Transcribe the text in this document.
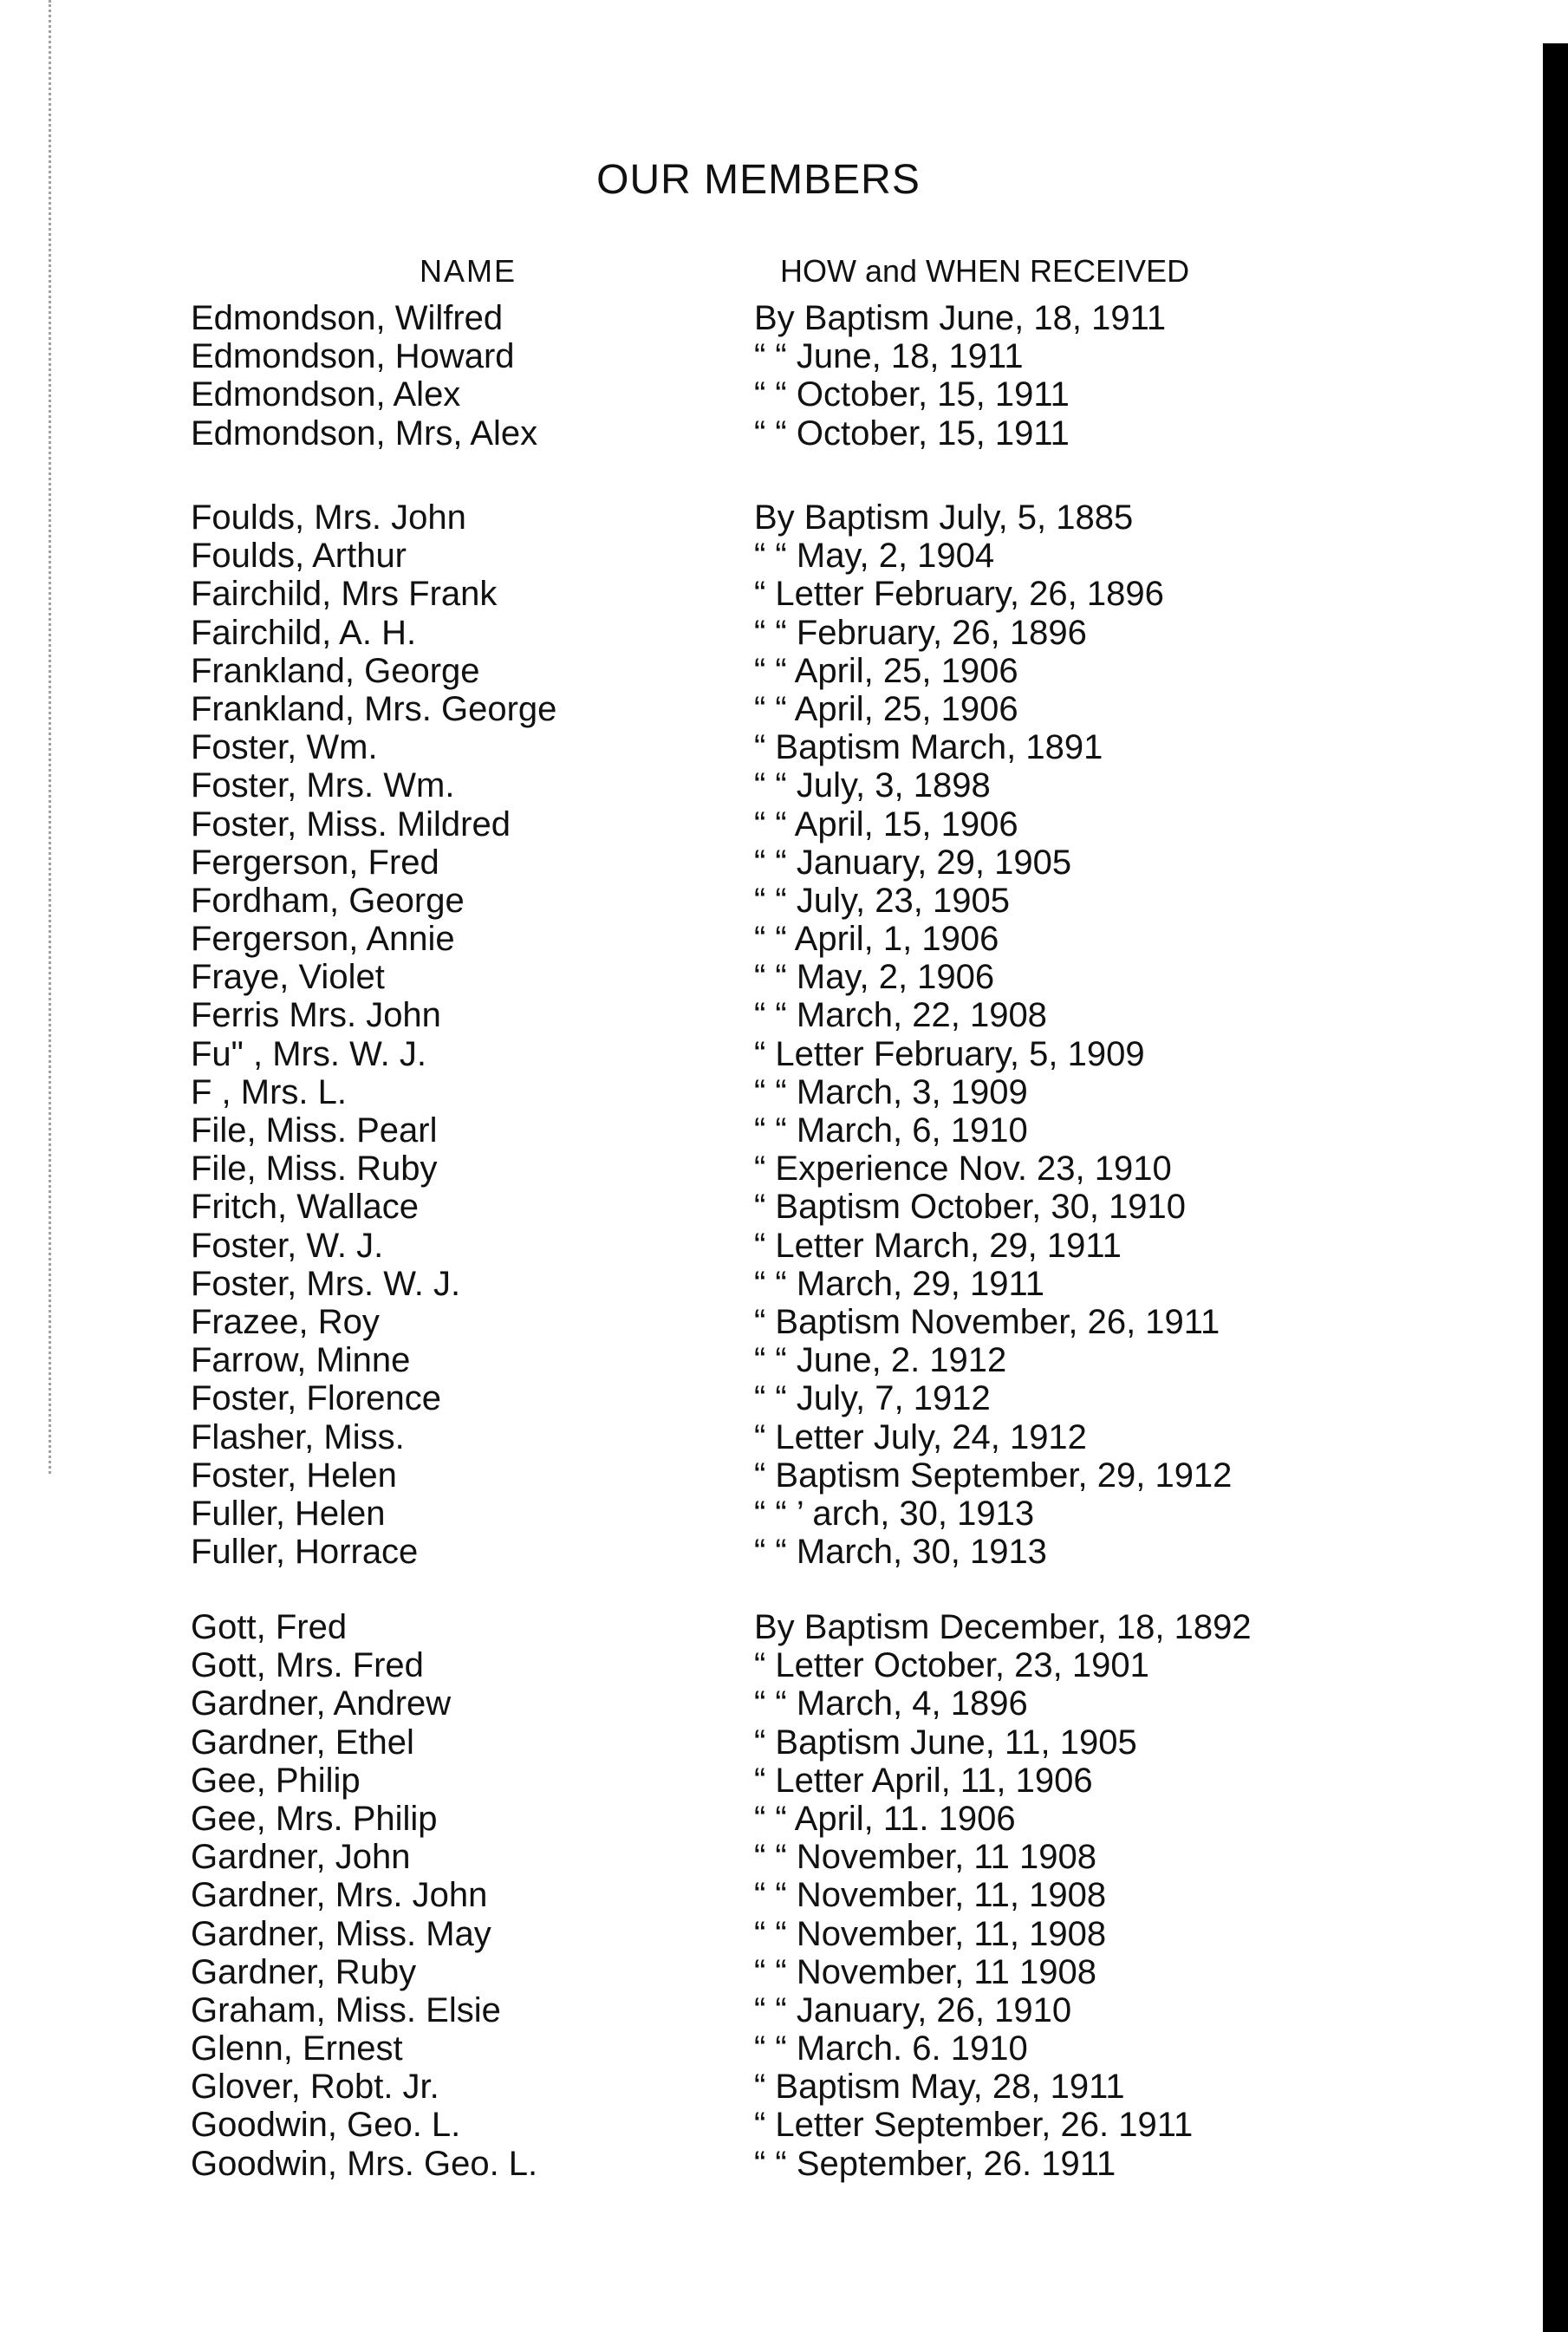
OUR MEMBERS
NAME	HOW and WHEN RECEIVED
Edmondson, Wilfred	By Baptism June, 18, 1911
Edmondson, Howard	“ “ June, 18, 1911
Edmondson, Alex	“ “ October, 15, 1911
Edmondson, Mrs, Alex	“ “ October, 15, 1911
Foulds, Mrs. John	By Baptism July, 5, 1885
Foulds, Arthur	“ “ May, 2, 1904
Fairchild, Mrs Frank	“ Letter February, 26, 1896
Fairchild, A. H.	“ “ February, 26, 1896
Frankland, George	“ “ April, 25, 1906
Frankland, Mrs. George	“ “ April, 25, 1906
Foster, Wm.	“ Baptism March, 1891
Foster, Mrs. Wm.	“ “ July, 3, 1898
Foster, Miss. Mildred	“ “ April, 15, 1906
Fergerson, Fred	“ “ January, 29, 1905
Fordham, George	“ “ July, 23, 1905
Fergerson, Annie	“ “ April, 1, 1906
Fraye, Violet	“ “ May, 2, 1906
Ferris Mrs. John	“ “ March, 22, 1908
Fu" , Mrs. W. J.	“ Letter February, 5, 1909
F , Mrs. L.	“ “ March, 3, 1909
File, Miss. Pearl	“ “ March, 6, 1910
File, Miss. Ruby	“ Experience Nov. 23, 1910
Fritch, Wallace	“ Baptism October, 30, 1910
Foster, W. J.	“ Letter March, 29, 1911
Foster, Mrs. W. J.	“ “ March, 29, 1911
Frazee, Roy	“ Baptism November, 26, 1911
Farrow, Minne	“ “ June, 2. 1912
Foster, Florence	“ “ July, 7, 1912
Flasher, Miss.	“ Letter July, 24, 1912
Foster, Helen	“ Baptism September, 29, 1912
Fuller, Helen	“ “ ’ arch, 30, 1913
Fuller, Horrace	“ “ March, 30, 1913
Gott, Fred	By Baptism December, 18, 1892
Gott, Mrs. Fred	“ Letter October, 23, 1901
Gardner, Andrew	“ “ March, 4, 1896
Gardner, Ethel	“ Baptism June, 11, 1905
Gee, Philip	“ Letter April, 11, 1906
Gee, Mrs. Philip	“ “ April, 11. 1906
Gardner, John	“ “ November, 11 1908
Gardner, Mrs. John	“ “ November, 11, 1908
Gardner, Miss. May	“ “ November, 11, 1908
Gardner, Ruby	“ “ November, 11 1908
Graham, Miss. Elsie	“ “ January, 26, 1910
Glenn, Ernest	“ “ March. 6. 1910
Glover, Robt. Jr.	“ Baptism May, 28, 1911
Goodwin, Geo. L.	“ Letter September, 26. 1911
Goodwin, Mrs. Geo. L.	“ “ September, 26. 1911
